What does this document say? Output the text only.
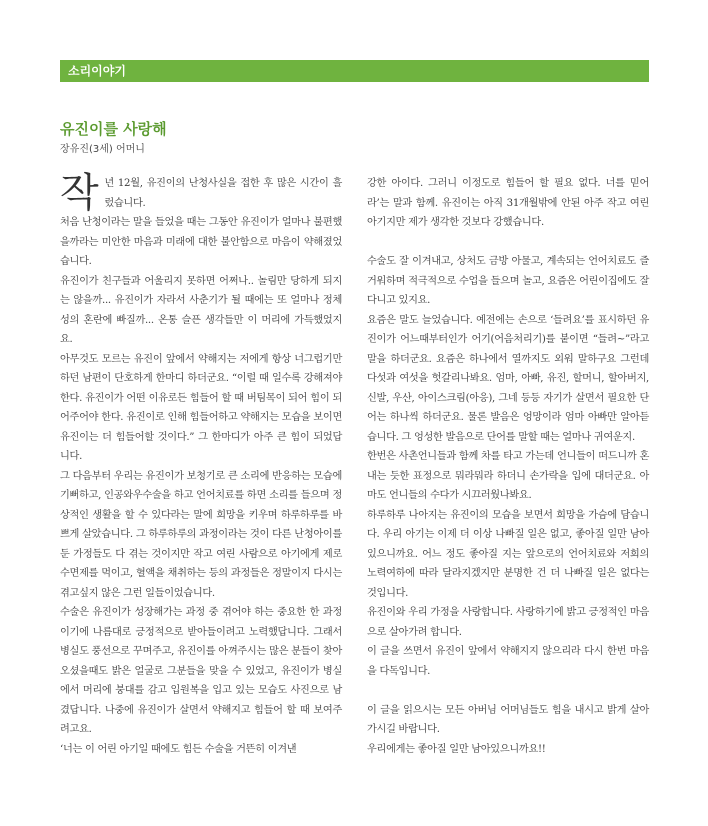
소리이야기
유진이를 사랑해
장유진(3세) 어머니
작 년 12월, 유진이의 난청사실을 접한 후 많은 시간이 흘렀습니다.

처음 난청이라는 말을 들었을 때는 그동안 유진이가 얼마나 불편했을까라는 미안한 마음과 미래에 대한 불안함으로 마음이 약해졌었습니다.

유진이가 친구들과 어울리지 못하면 어쩌나.. 놀림만 당하게 되지는 않을까... 유진이가 자라서 사춘기가 될 때에는 또 얼마나 정체성의 혼란에 빠질까... 온통 슬픈 생각들만 이 머리에 가득했었지요.

아무것도 모르는 유진이 앞에서 약해지는 저에게 항상 너그럽기만 하던 남편이 단호하게 한마디 하더군요. “이럴 때 일수록 강해져야 한다. 유진이가 어떤 이유로든 힘들어 할 때 버팀목이 되어 힘이 되어주어야 한다. 유진이로 인해 힘들어하고 약해지는 모습을 보이면 유진이는 더 힘들어할 것이다.” 그 한마디가 아주 큰 힘이 되었답니다.

그 다음부터 우리는 유진이가 보청기로 큰 소리에 반응하는 모습에 기뻐하고, 인공와우수술을 하고 언어치료를 하면 소리를 들으며 정상적인 생활을 할 수 있다라는 말에 희망을 키우며 하루하루를 바쁘게 살았습니다. 그 하루하루의 과정이라는 것이 다른 난청아이를 둔 가정들도 다 겪는 것이지만 작고 여린 사람으로 아기에게 제로 수면제를 먹이고, 혈액을 채취하는 등의 과정들은 정말이지 다시는 겪고싶지 않은 그런 일들이었습니다.

수술은 유진이가 성장해가는 과정 중 겪어야 하는 중요한 한 과정이기에 나름대로 긍정적으로 받아들이려고 노력했답니다. 그래서 병실도 풍선으로 꾸며주고, 유진이를 아껴주시는 많은 분들이 찾아오셨을때도 밝은 얼굴로 그분들을 맞을 수 있었고, 유진이가 병실에서 머리에 붕대를 감고 입원복을 입고 있는 모습도 사진으로 남겼답니다. 나중에 유진이가 살면서 약해지고 힘들어 할 때 보여주려고요.

‘너는 이 어린 아기일 때에도 힘든 수술을 거뜬히 이겨낸

강한 아이다. 그러니 이정도로 힘들어 할 필요 없다. 너를 믿어라’는 말과 함께. 유진이는 아직 31개월밖에 안된 아주 작고 여린 아기지만 제가 생각한 것보다 강했습니다.

수술도 잘 이겨내고, 상처도 금방 아물고, 계속되는 언어치료도 즐거워하며 적극적으로 수업을 들으며 놀고, 요즘은 어린이집에도 잘 다니고 있지요.

요즘은 말도 늘었습니다. 예전에는 손으로 ‘들려요’를 표시하던 유진이가 어느때부터인가 어기(어음처리기)를 붙이면 “들려~”라고 말을 하더군요. 요즘은 하나에서 열까지도 외워 말하구요 그런데 다섯과 여섯을 헛갈리나봐요. 엄마, 아빠, 유진, 할머니, 할아버지, 신발, 우산, 아이스크림(아응), 그네 등등 자기가 살면서 필요한 단어는 하나씩 하더군요. 물론 발음은 엉망이라 엄마 아빠만 알아듣습니다. 그 엉성한 발음으로 단어를 말할 때는 얼마나 귀여운지.

한번은 사촌언니들과 함께 차를 타고 가는데 언니들이 떠드니까 혼내는 듯한 표정으로 뭐라뭐라 하더니 손가락을 입에 대더군요. 아마도 언니들의 수다가 시끄러웠나봐요.

하루하루 나아지는 유진이의 모습을 보면서 희망을 가슴에 담습니다. 우리 아기는 이제 더 이상 나빠질 일은 없고, 좋아질 일만 남아있으니까요. 어느 정도 좋아질 지는 앞으로의 언어치료와 저희의 노력여하에 따라 달라지겠지만 분명한 건 더 나빠질 일은 없다는 것입니다.

유진이와 우리 가정을 사랑합니다. 사랑하기에 밝고 긍정적인 마음으로 살아가려 합니다.

이 글을 쓰면서 유진이 앞에서 약해지지 않으리라 다시 한번 마음을 다독입니다.

이 글을 읽으시는 모든 아버님 어머님들도 힘을 내시고 밝게 살아가시길 바랍니다.

우리에게는 좋아질 일만 남아있으니까요!!
